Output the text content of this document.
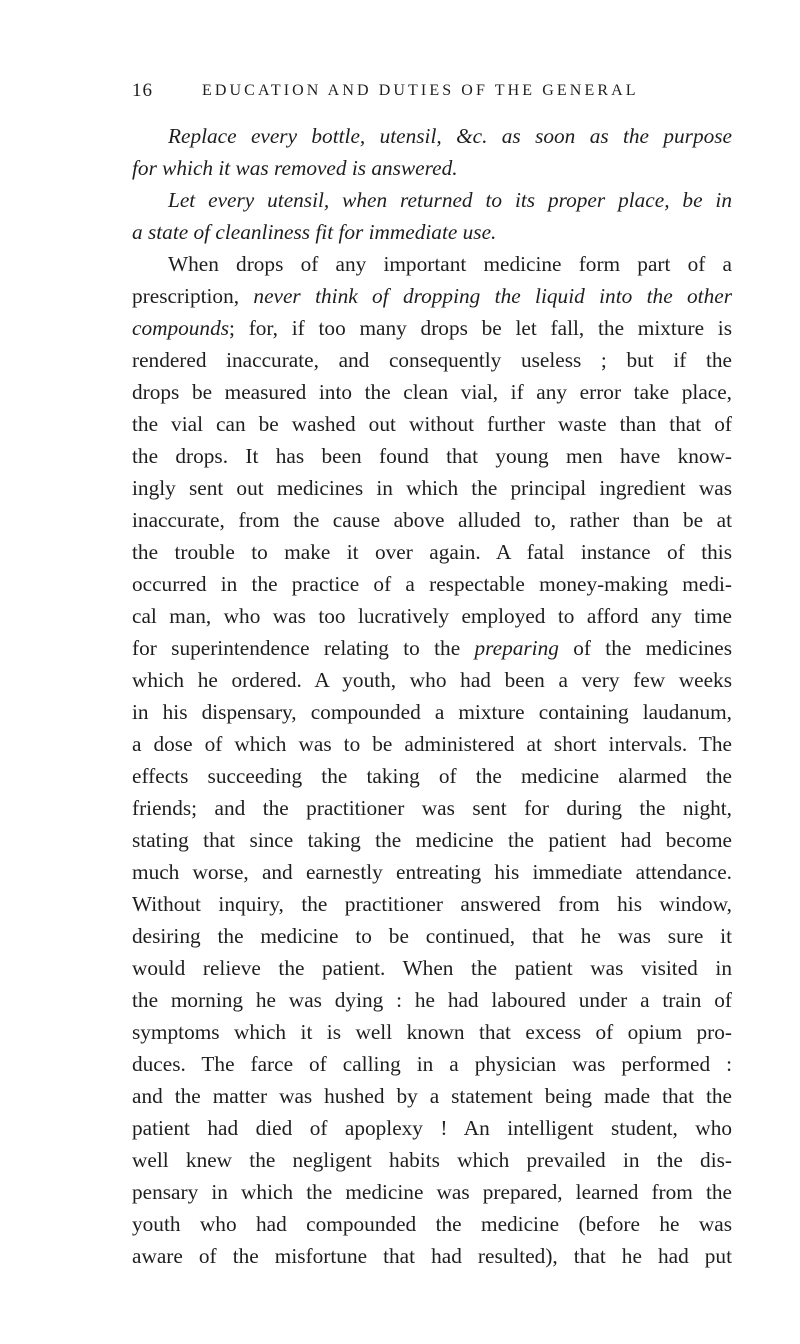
16	EDUCATION AND DUTIES OF THE GENERAL
Replace every bottle, utensil, &c. as soon as the purpose
for which it was removed is answered.
Let every utensil, when returned to its proper place, be in
a state of cleanliness fit for immediate use.
When drops of any important medicine form part of a
prescription, never think of dropping the liquid into the other
compounds; for, if too many drops be let fall, the mixture is
rendered inaccurate, and consequently useless ; but if the
drops be measured into the clean vial, if any error take place,
the vial can be washed out without further waste than that of
the drops. It has been found that young men have know-
ingly sent out medicines in which the principal ingredient was
inaccurate, from the cause above alluded to, rather than be at
the trouble to make it over again. A fatal instance of this
occurred in the practice of a respectable money-making medi-
cal man, who was too lucratively employed to afford any time
for superintendence relating to the preparing of the medicines
which he ordered. A youth, who had been a very few weeks
in his dispensary, compounded a mixture containing laudanum,
a dose of which was to be administered at short intervals. The
effects succeeding the taking of the medicine alarmed the
friends; and the practitioner was sent for during the night,
stating that since taking the medicine the patient had become
much worse, and earnestly entreating his immediate attendance.
Without inquiry, the practitioner answered from his window,
desiring the medicine to be continued, that he was sure it
would relieve the patient. When the patient was visited in
the morning he was dying : he had laboured under a train of
symptoms which it is well known that excess of opium pro-
duces. The farce of calling in a physician was performed :
and the matter was hushed by a statement being made that the
patient had died of apoplexy ! An intelligent student, who
well knew the negligent habits which prevailed in the dis-
pensary in which the medicine was prepared, learned from the
youth who had compounded the medicine (before he was
aware of the misfortune that had resulted), that he had put
